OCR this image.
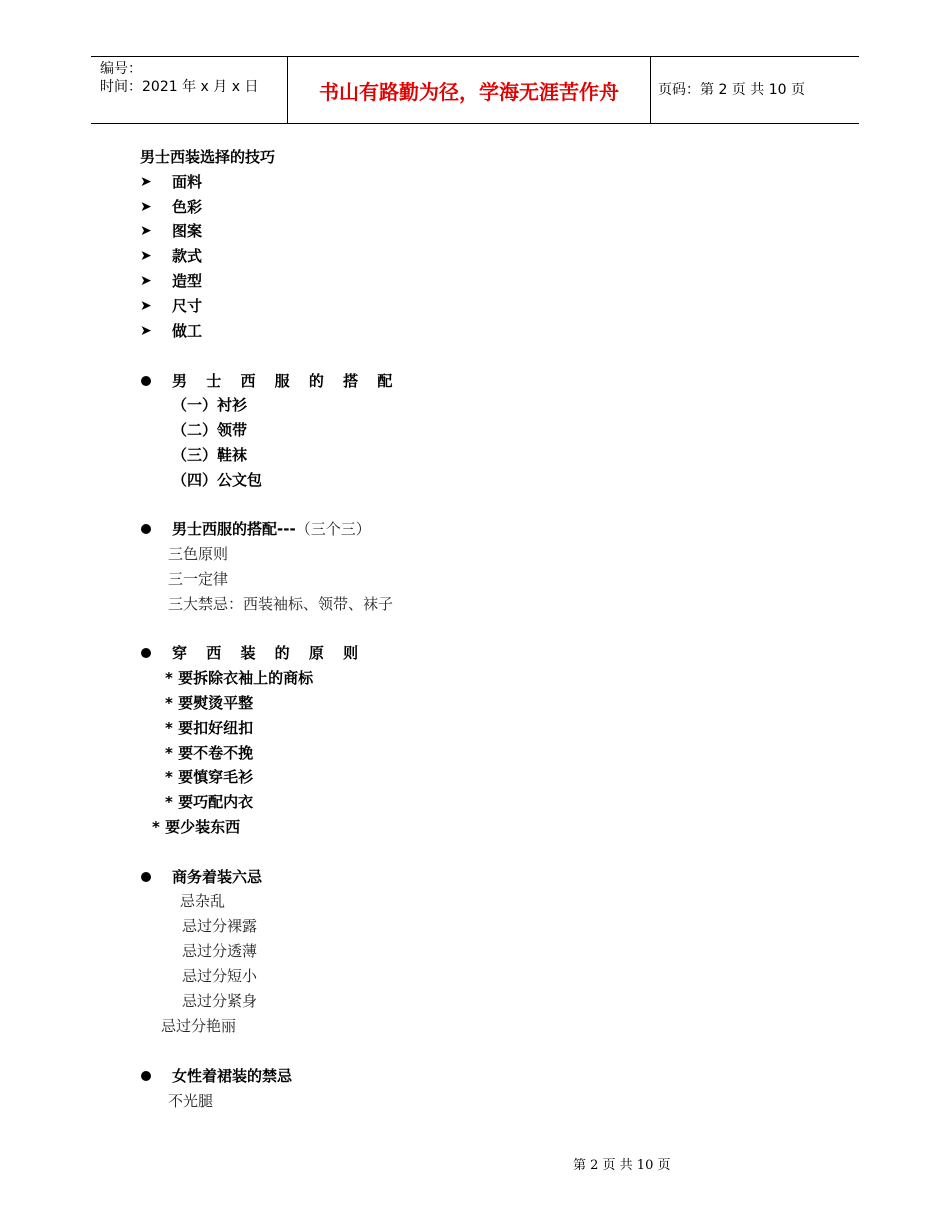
编号：
时间：2021 年 x 月 x 日	书山有路勤为径，学海无涯苦作舟	页码：第 2 页 共 10 页
男士西装选择的技巧
➤ 面料
➤ 色彩
➤ 图案
➤ 款式
➤ 造型
➤ 尺寸
➤ 做工
男 士 西 服 的 搭 配
（一）衬衫
（二）领带
（三）鞋袜
（四）公文包
男士西服的搭配---（三个三）
三色原则
三一定律
三大禁忌：西装袖标、领带、袜子
穿 西 装 的 原 则
* 要拆除衣袖上的商标
* 要熨烫平整
* 要扣好纽扣
* 要不卷不挽
* 要慎穿毛衫
* 要巧配内衣
* 要少装东西
商务着装六忌
忌杂乱
忌过分裸露
忌过分透薄
忌过分短小
忌过分紧身
忌过分艳丽
女性着裙装的禁忌
不光腿
第 2 页 共 10 页
